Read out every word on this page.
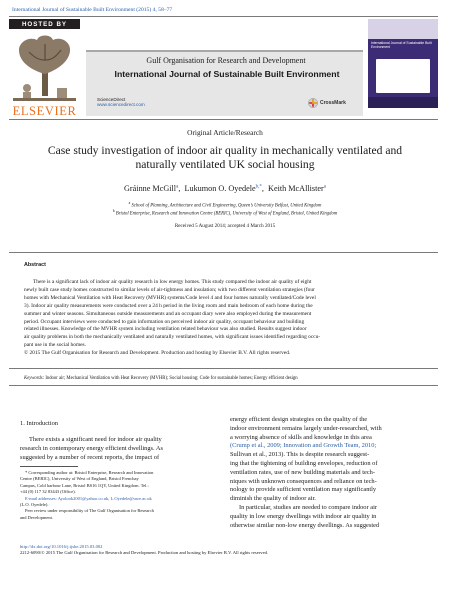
International Journal of Sustainable Built Environment (2015) 4, 58–77
HOSTED BY
ELSEVIER
Gulf Organisation for Research and Development
International Journal of Sustainable Built Environment
ScienceDirect
www.sciencedirect.com	CrossMark
International Journal of Sustainable Built Environment
Original Article/Research
Case study investigation of indoor air quality in mechanically ventilated and naturally ventilated UK social housing
Gráinne McGill$^a$,  Lukumon O. Oyedele$^{b,*}$,  Keith McAllister$^a$
$^a$ School of Planning, Architecture and Civil Engineering, Queen’s University Belfast, United Kingdom
$^b$ Bristol Enterprise, Research and Innovation Centre (BERIC), University of West of England, Bristol, United Kingdom
Received 5 August 2014; accepted 4 March 2015
Abstract
There is a significant lack of indoor air quality research in low energy homes. This study compared the indoor air quality of eight
newly built case study homes constructed to similar levels of air-tightness and insulation; with two different ventilation strategies (four
homes with Mechanical Ventilation with Heat Recovery (MVHR) systems/Code level 4 and four homes naturally ventilated/Code level
3). Indoor air quality measurements were conducted over a 24 h period in the living room and main bedroom of each home during the
summer and winter seasons. Simultaneous outside measurements and an occupant diary were also employed during the measurement
period. Occupant interviews were conducted to gain information on perceived indoor air quality, occupant behaviour and building
related illnesses. Knowledge of the MVHR system including ventilation related behaviour was also studied. Results suggest indoor
air quality problems in both the mechanically ventilated and naturally ventilated homes, with significant issues identified regarding occu-
pant use in the social homes.
© 2015 The Gulf Organisation for Research and Development. Production and hosting by Elsevier B.V. All rights reserved.
Keywords: Indoor air; Mechanical Ventilation with Heat Recovery (MVHR); Social housing; Code for sustainable homes; Energy efficient design
1. Introduction

There exists a significant need for indoor air quality

research in contemporary energy efficient dwellings. As
suggested by a number of recent reports, the impact of
* Corresponding author at: Bristol Enterprise, Research and Innovation
Centre (BERIC), University of West of England, Bristol Frenchay
Campus, Cold harbour Lane, Bristol BS16 1QY, United Kingdom. Tel.:
+44 (0) 117 32 83443 (Office).
E-mail addresses: Ayolook2001@yahoo.co.uk, L.Oyedele@uwe.ac.uk
(L.O. Oyedele).
Peer review under responsibility of The Gulf Organisation for Research
and Development.
energy efficient design strategies on the quality of the
indoor environment remains largely under-researched, with
a worrying absence of skills and knowledge in this area
(Crump et al., 2009; Innovation and Growth Team, 2010;
Sullivan et al., 2013). This is despite research suggest-
ing that the tightening of building envelopes, reduction of
ventilation rates, use of new building materials and tech-
niques with unknown consequences and reliance on tech-
nology to provide sufficient ventilation may significantly
diminish the quality of indoor air.

In particular, studies are needed to compare indoor air

quality in low energy dwellings with indoor air quality in
otherwise similar non-low energy dwellings. As suggested
http://dx.doi.org/10.1016/j.ijsbe.2015.03.002
2212-6090/© 2015 The Gulf Organisation for Research and Development. Production and hosting by Elsevier B.V. All rights reserved.
